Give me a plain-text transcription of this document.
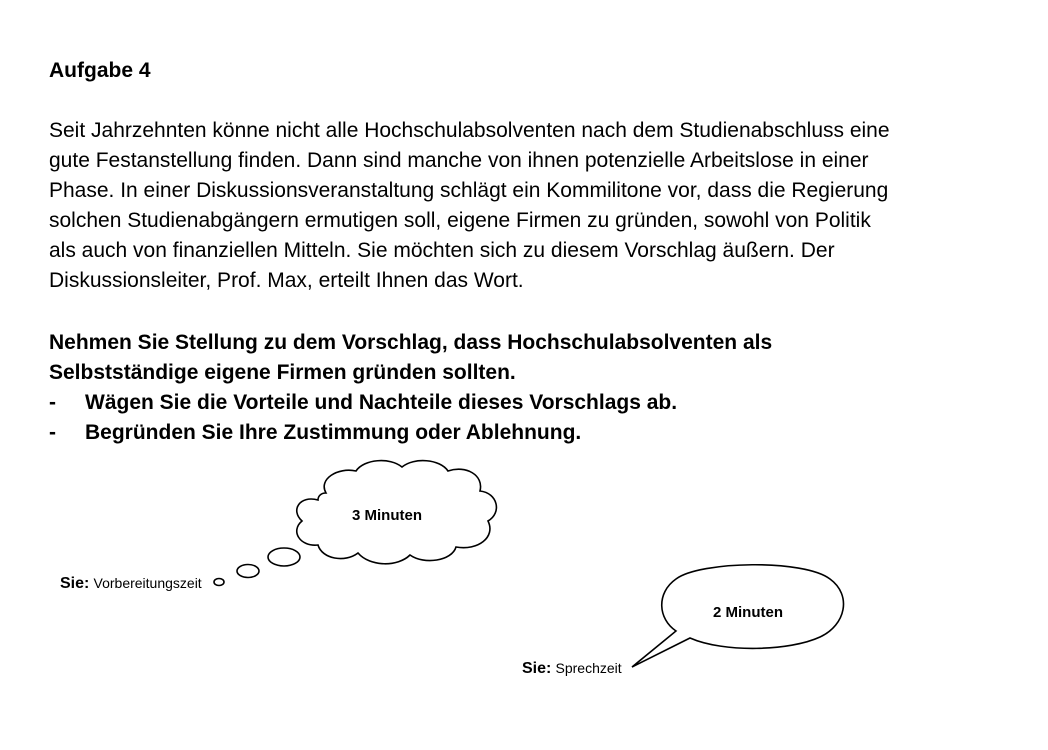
Aufgabe 4
Seit Jahrzehnten könne nicht alle Hochschulabsolventen nach dem Studienabschluss eine
gute Festanstellung finden. Dann sind manche von ihnen potenzielle Arbeitslose in einer
Phase. In einer Diskussionsveranstaltung schlägt ein Kommilitone vor, dass die Regierung
solchen Studienabgängern ermutigen soll, eigene Firmen zu gründen, sowohl von Politik
als auch von finanziellen Mitteln. Sie möchten sich zu diesem Vorschlag äußern. Der
Diskussionsleiter, Prof. Max, erteilt Ihnen das Wort.
Nehmen Sie Stellung zu dem Vorschlag, dass Hochschulabsolventen als
Selbstständige eigene Firmen gründen sollten.
- Wägen Sie die Vorteile und Nachteile dieses Vorschlags ab.
- Begründen Sie Ihre Zustimmung oder Ablehnung.
3 Minuten
2 Minuten
Sie: Vorbereitungszeit
Sie: Sprechzeit
